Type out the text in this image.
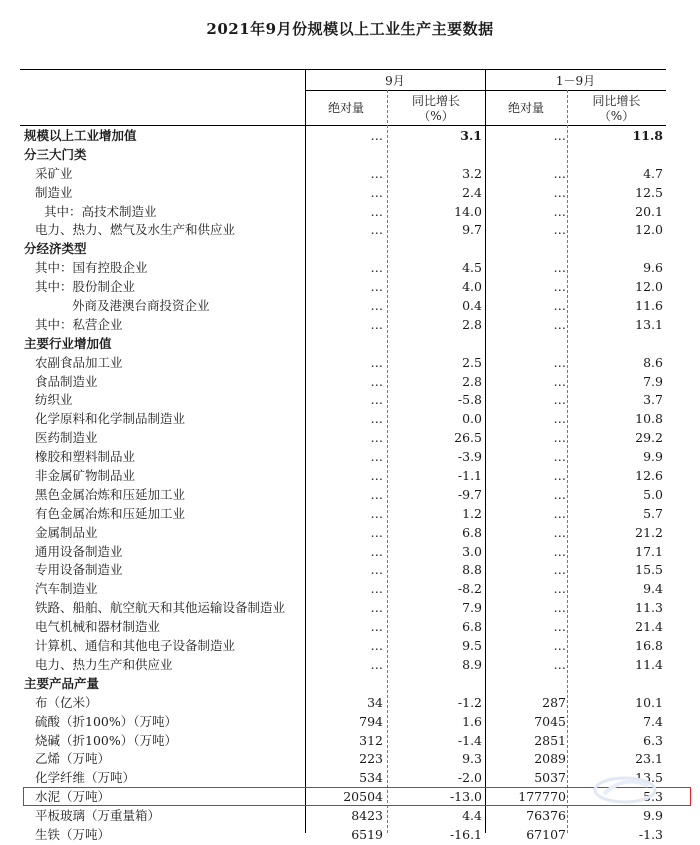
2021年9月份规模以上工业生产主要数据
9月	1－9月
绝对量	同比增长
（%）
绝对量	同比增长
（%）
规模以上工业增加值	…	3.1	…	11.8
分三大门类
采矿业	…	3.2	…	4.7
制造业	…	2.4	…	12.5
其中：高技术制造业	…	14.0	…	20.1
电力、热力、燃气及水生产和供应业	…	9.7	…	12.0
分经济类型
其中：国有控股企业	…	4.5	…	9.6
其中：股份制企业	…	4.0	…	12.0
外商及港澳台商投资企业	…	0.4	…	11.6
其中：私营企业	…	2.8	…	13.1
主要行业增加值
农副食品加工业	…	2.5	…	8.6
食品制造业	…	2.8	…	7.9
纺织业	…	-5.8	…	3.7
化学原料和化学制品制造业	…	0.0	…	10.8
医药制造业	…	26.5	…	29.2
橡胶和塑料制品业	…	-3.9	…	9.9
非金属矿物制品业	…	-1.1	…	12.6
黑色金属冶炼和压延加工业	…	-9.7	…	5.0
有色金属冶炼和压延加工业	…	1.2	…	5.7
金属制品业	…	6.8	…	21.2
通用设备制造业	…	3.0	…	17.1
专用设备制造业	…	8.8	…	15.5
汽车制造业	…	-8.2	…	9.4
铁路、船舶、航空航天和其他运输设备制造业	…	7.9	…	11.3
电气机械和器材制造业	…	6.8	…	21.4
计算机、通信和其他电子设备制造业	…	9.5	…	16.8
电力、热力生产和供应业	…	8.9	…	11.4
主要产品产量
布（亿米）	34	-1.2	287	10.1
硫酸（折100%）（万吨）	794	1.6	7045	7.4
烧碱（折100%）（万吨）	312	-1.4	2851	6.3
乙烯（万吨）	223	9.3	2089	23.1
化学纤维（万吨）	534	-2.0	5037	13.5
水泥（万吨）	20504	-13.0	177770	5.3
平板玻璃（万重量箱）	8423	4.4	76376	9.9
生铁（万吨）	6519	-16.1	67107	-1.3
